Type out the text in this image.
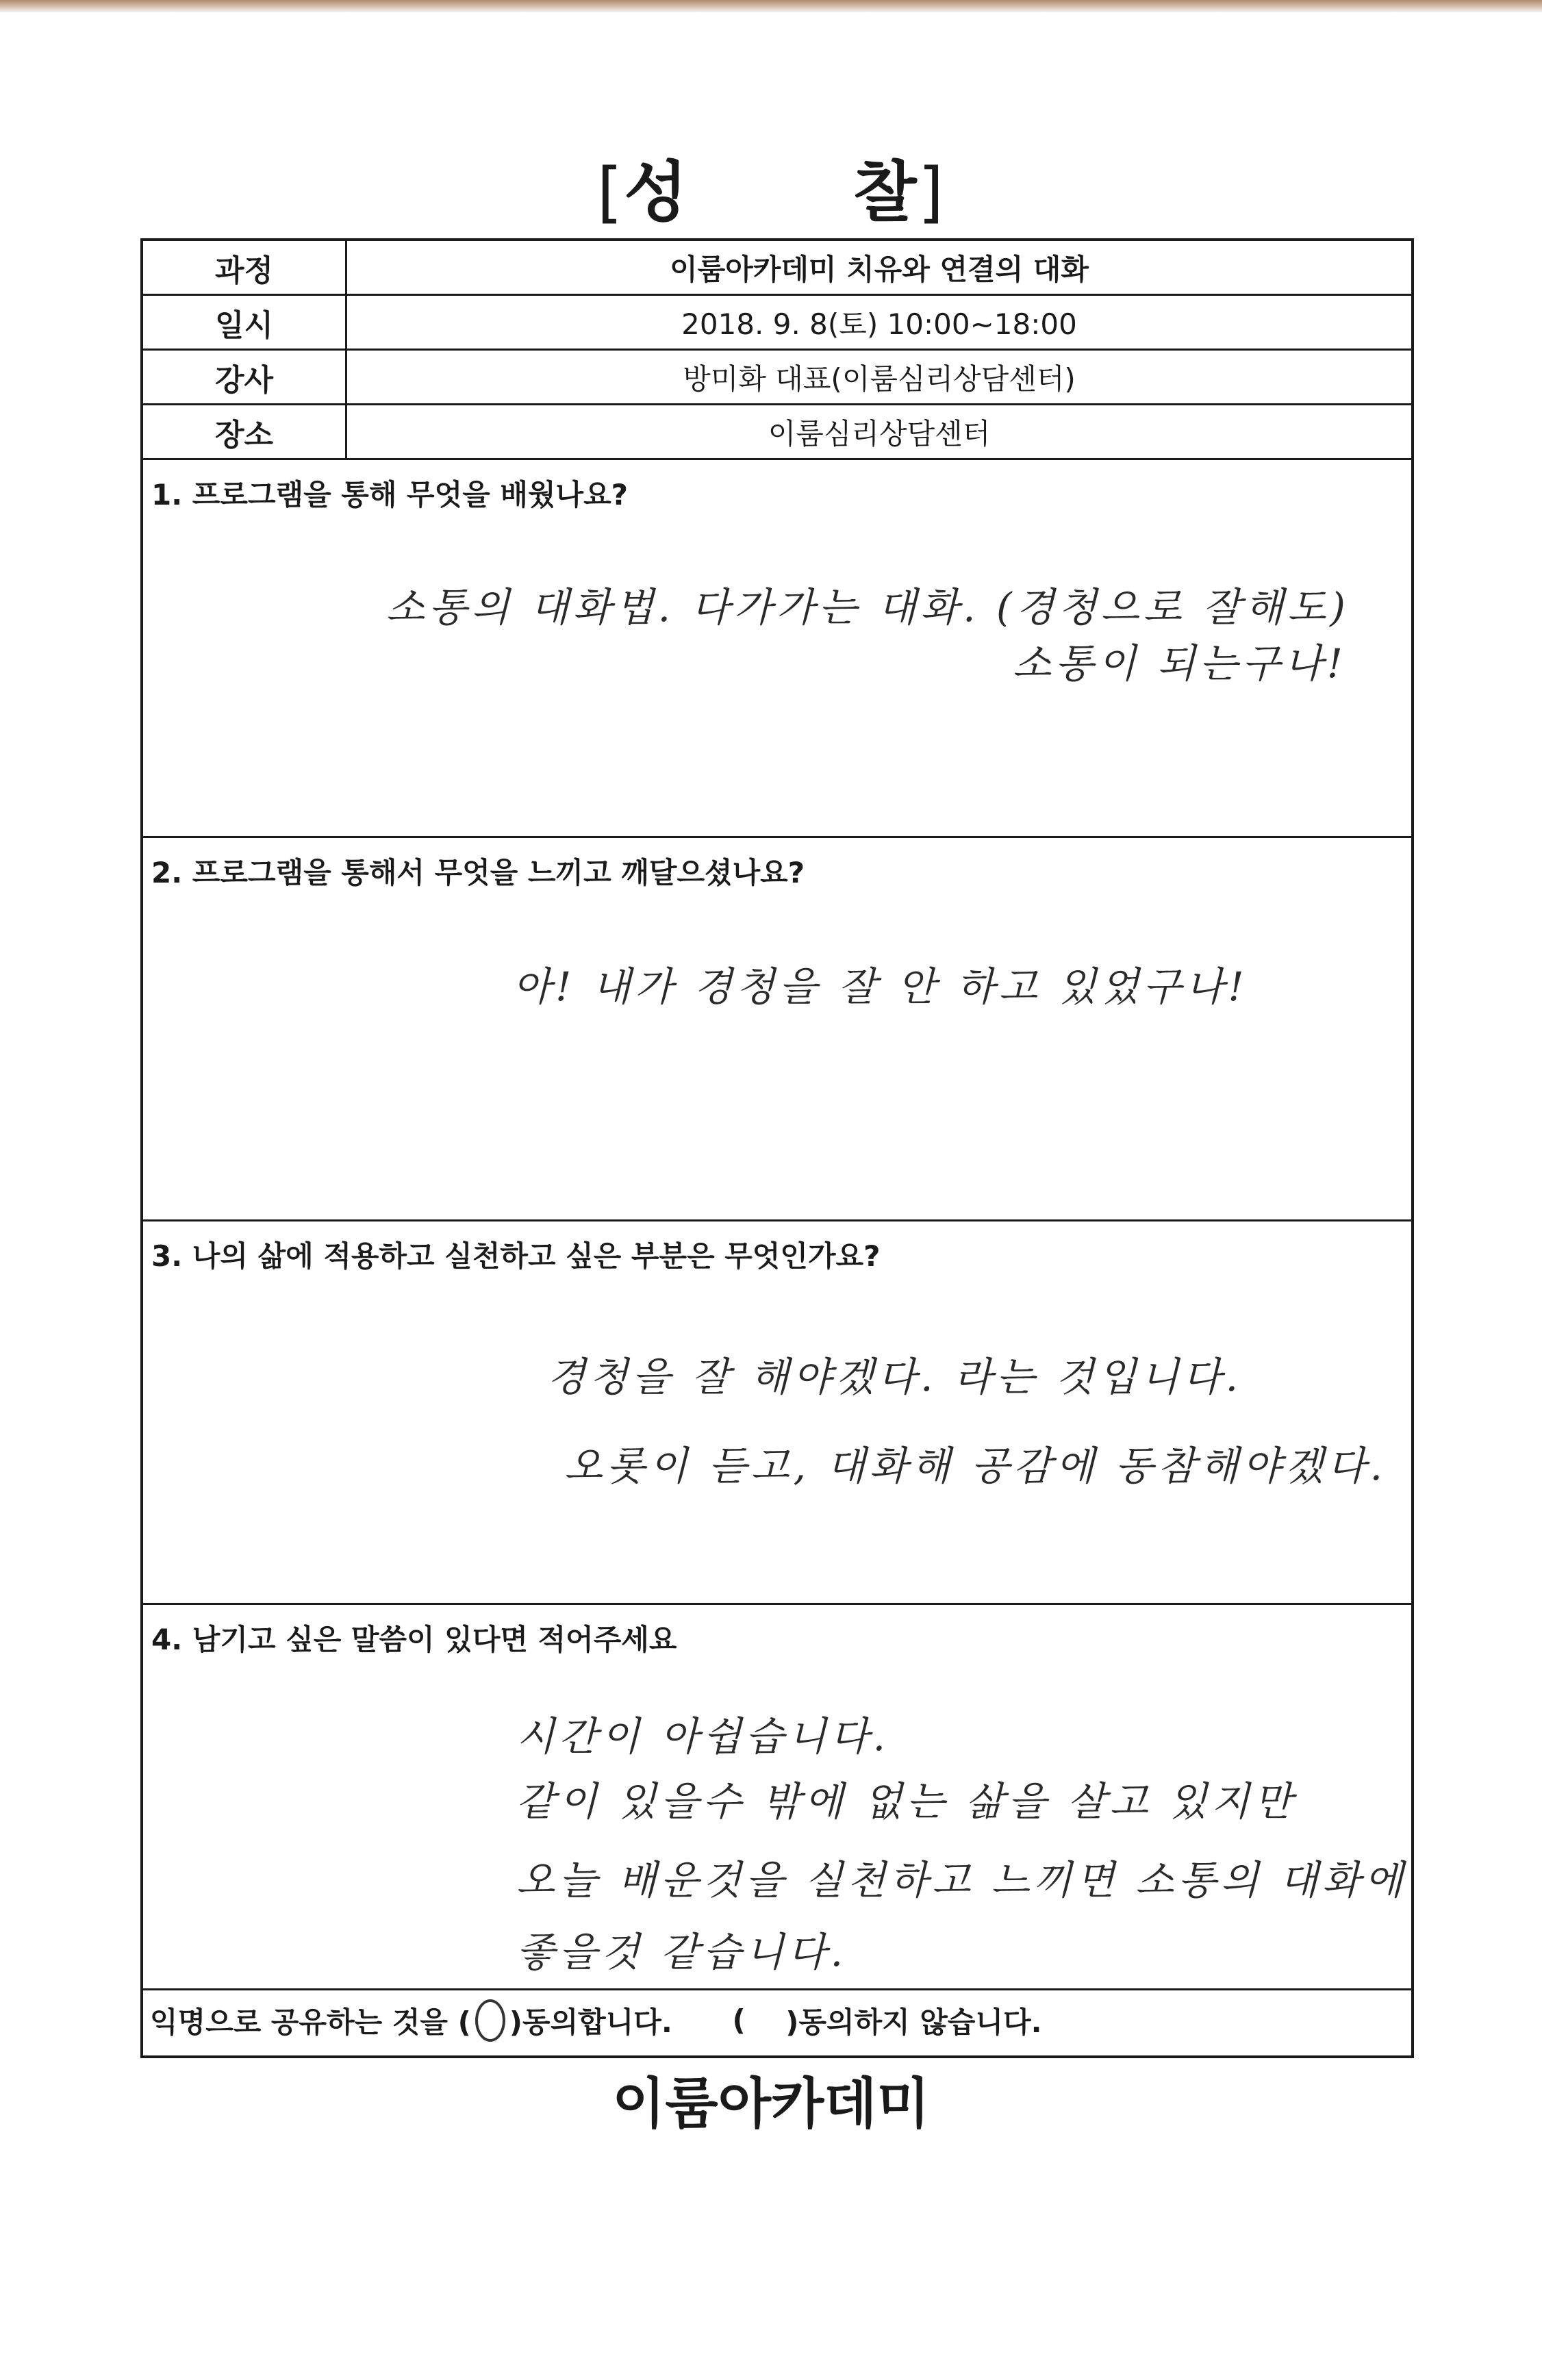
[성	찰]
과정	이룸아카데미 치유와 연결의 대화
일시	2018. 9. 8(토) 10:00~18:00
강사	방미화 대표(이룸심리상담센터)
장소	이룸심리상담센터
1. 프로그램을 통해 무엇을 배웠나요?
소통의 대화법. 다가가는 대화. (경청으로 잘해도)
소통이 되는구나!
2. 프로그램을 통해서 무엇을 느끼고 깨달으셨나요?
아! 내가 경청을 잘 안 하고 있었구나!
3. 나의 삶에 적용하고 실천하고 싶은 부분은 무엇인가요?
경청을 잘 해야겠다. 라는 것입니다.
오롯이 듣고, 대화해 공감에 동참해야겠다.
4. 남기고 싶은 말씀이 있다면 적어주세요
시간이 아쉽습니다.
같이 있을수 밖에 없는 삶을 살고 있지만
오늘 배운것을 실천하고 느끼면 소통의 대화에
좋을것 같습니다.
익명으로 공유하는 것을 ( )동의합니다.
(
)동의하지 않습니다.
이룸아카데미
